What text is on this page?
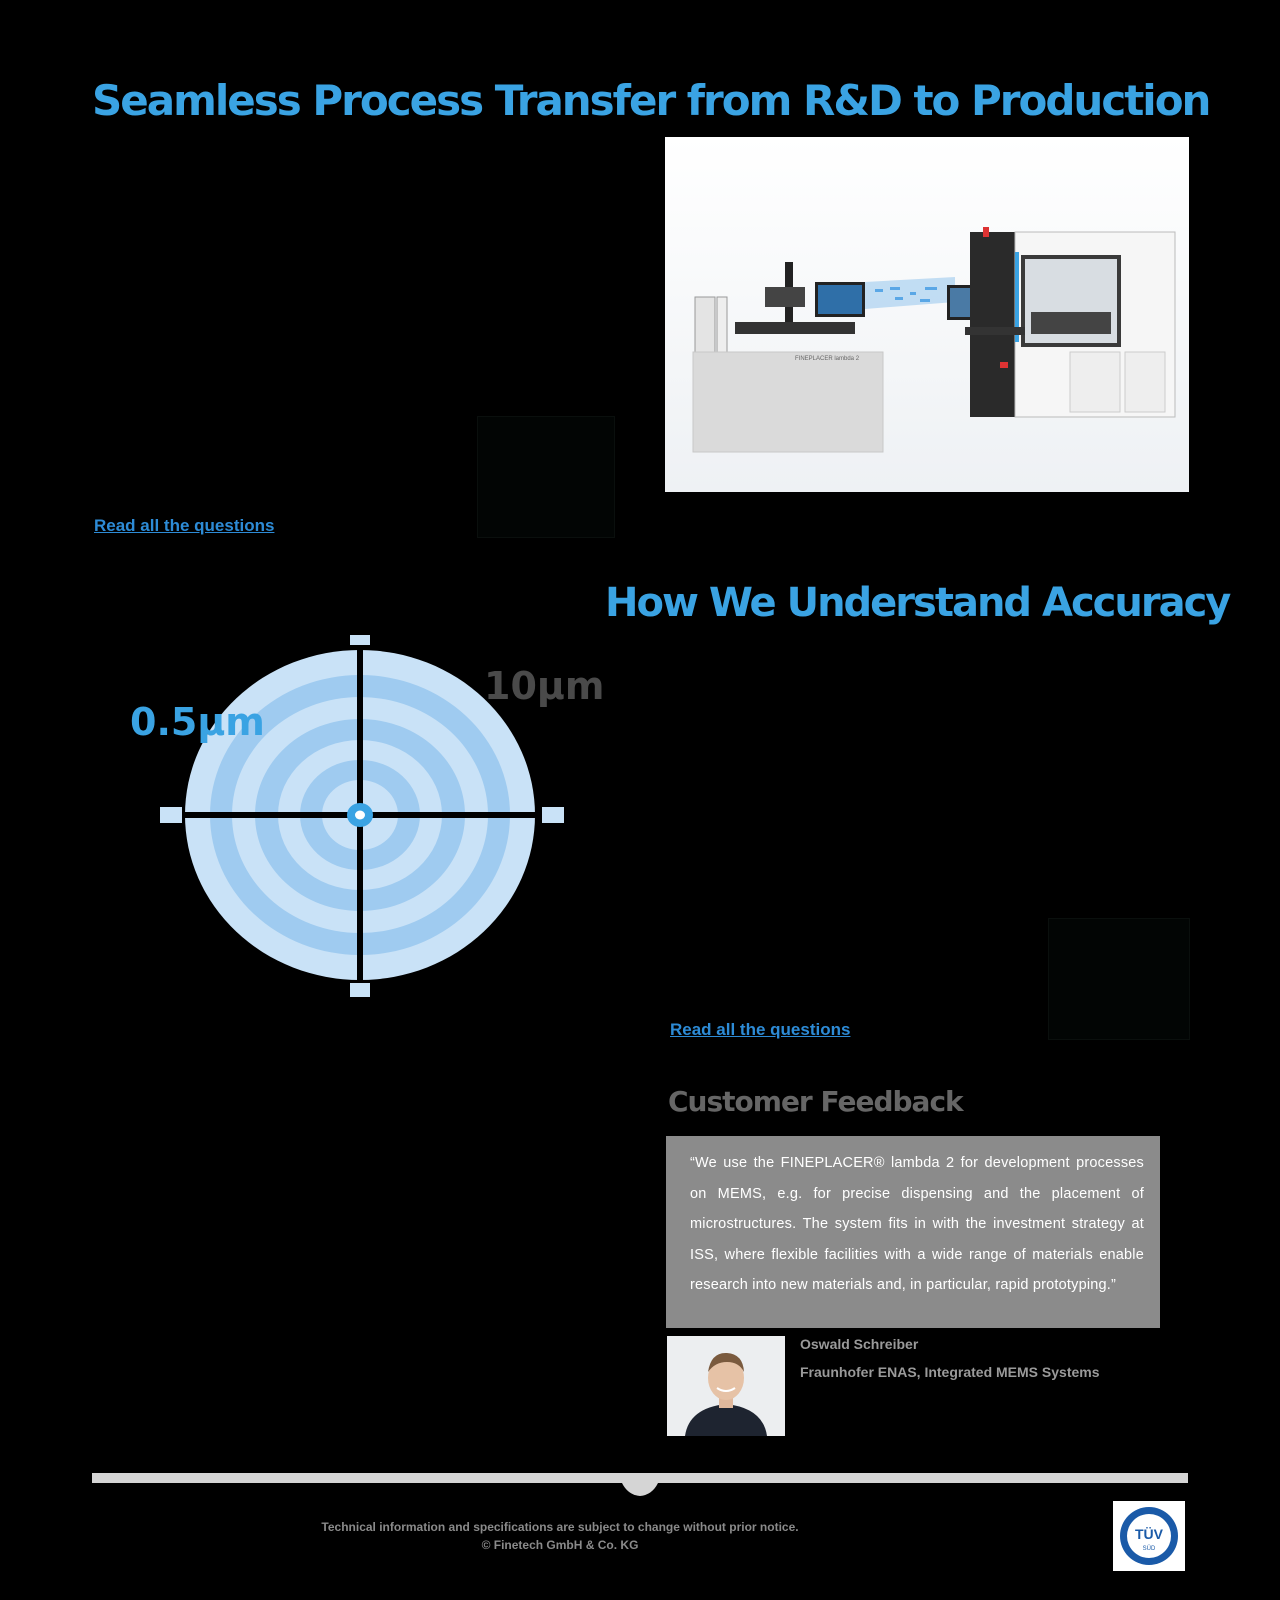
Seamless Process Transfer from R&D to Production
FINEPLACER lambda 2
Read all the questions
How We Understand Accuracy
0.5µm
10µm
Read all the questions
Customer Feedback
“We use the FINEPLACER® lambda 2 for development processes on MEMS, e.g. for precise dispensing and the placement of microstructures. The system fits in with the investment strategy at ISS, where flexible facilities with a wide range of materials enable research into new materials and, in particular, rapid prototyping.”
Oswald Schreiber
Fraunhofer ENAS, Integrated MEMS Systems
Technical information and specifications are subject to change without prior notice.
© Finetech GmbH & Co. KG
TÜV
SÜD
